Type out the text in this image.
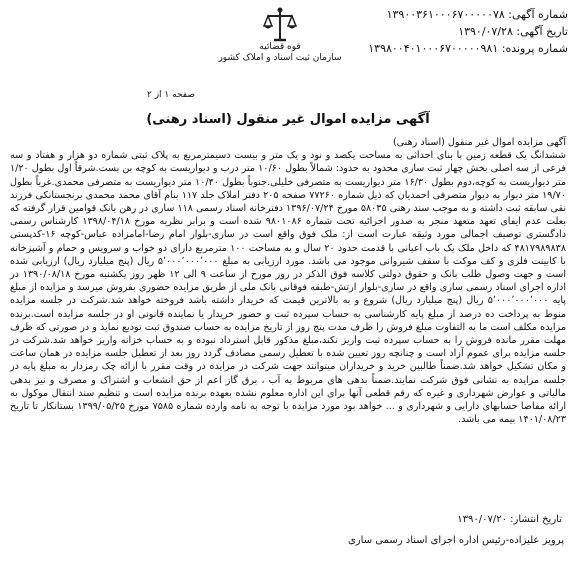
شماره آگهی: ۱۳۹۰۰۳۶۱۰۰۰۶۷۰۰۰۰۰۷۸
تاریخ آگهی: ۱۳۹۰/۰۷/۲۸
شماره پرونده: ۱۳۹۸۰۰۴۰۱۰۰۰۶۷۰۰۰۰۰۹۸۱
قوه قضائیه
سازمان ثبت اسناد و املاک کشور
صفحه ۱ از ۲
آگهی مزایده اموال غیر منقول (اسناد رهنی)

آگهی مزایده اموال غیر منقول (اسناد رهنی)

ششدانگ یک قطعه زمین با بنای احداثی به مساحت یکصد و نود و یک متر و بیست دسیمترمربع به پلاک ثبتی شماره دو هزار و هفتاد و سه فرعی از سه اصلی بخش چهار ثبت ساری محدود به حدود: شمالاً بطول ۱۰/۶۰ متر درب و دیواریست به کوچه بن بست.شرقاً اول بطول ۱/۲۰ متر دیواریست به کوچه،دوم بطول ۱۶/۳۰ متر دیواریست به متصرفی خلیلی.جنوباً بطول ۱۰/۴۰ متر دیواریست به متصرفی محمدی.غرباً بطول ۱۹/۷۰ متر دیوار به دیوار متصرفی احمدیان که ذیل شماره ۷۷۲۶۰ صفحه ۲۰۵ دفتر املاک جلد ۱۱۷ بنام آقای محمد محمدی برنجستانکی فرزند نقی سابقه ثبت داشته و به موجب سند رهنی ۵۸۰۳۵ مورخ ۱۳۹۶/۰۷/۲۴ دفترخانه اسناد رسمی ۱۱۸ ساری در رهن بانک قوامین قرار گرفته که بعلت عدم ایفای تعهد متعهد منجر به صدور اجرائیه تحت شماره ۹۸۰۱۰۸۶ شده است و برابر نظریه مورخ ۱۳۹۸/۰۴/۱۸ کارشناس رسمی دادگستری توصیف اجمالی مورد وثیقه عبارت است از: ملک فوق واقع است در ساری-بلوار امام رضا-امامزاده عباس-کوچه ۱۶-کدپستی ۴۸۱۷۹۸۹۸۳۸ که داخل ملک یک باب اعیانی با قدمت حدود ۲۰ سال و به مساحت ۱۰۰ مترمربع دارای دو خواب و سرویس و حمام و آشپزخانه با کابینت فلزی و کف موکت با سقف شیروانی موجود می باشد. مورد ارزیابی به مبلغ ۵٬۰۰۰٬۰۰۰٬۰۰۰ ریال (پنج میلیارد ریال) ارزیابی شده است و جهت وصول طلب بانک و حقوق دولتی کلاسه فوق الذکر در روز مورخ از ساعت ۹ الی ۱۲ ظهر روز یکشنبه مورخ ۱۳۹۰/۰۸/۱۸ در اداره اجرای اسناد رسمی ساری واقع در ساری-بلوار ارتش-طبقه فوقانی بانک ملی از طریق مزایده حضوری بفروش میرسد و مزایده از مبلغ پایه ۵٬۰۰۰٬۰۰۰٬۰۰۰ ریال (پنج میلیارد ریال) شروع و به بالاترین قیمت که خریدار داشته باشد فروخته خواهد شد.شرکت در جلسه مزایده منوط به پرداخت ده درصد از مبلغ پایه کارشناسی به حساب سپرده ثبت و حضور خریدار یا نماینده قانونی او در جلسه مزایده است.برنده مزایده مکلف است ما به التفاوت مبلغ فروش را ظرف مدت پنج روز از تاریخ مزایده به حساب صندوق ثبت تودیع نماید و در صورتی که ظرف مهلت مقرر مانده فروش را به حساب سپرده ثبت واریز نکند،مبلغ مذکور قابل استرداد نبوده و به حساب خزانه واریز خواهد شد.شرکت در جلسه مزایده برای عموم آزاد است و چنانچه روز تعیین شده با تعطیل رسمی مصادف گردد روز بعد از تعطیل جلسه مزایده در همان ساعت و مکان تشکیل خواهد شد.ضمناً طالبین خرید و خریداران میتوانند جهت شرکت در مزایده در وقت مقرر با ارائه چک رمزدار به مبلغ پایه در جلسه مزایده به نشانی فوق شرکت نمایند.ضمناً بدهی های مربوط به آب ، برق گاز اعم از حق انشعاب و اشتراک و مصرف و نیز بدهی مالیاتی و عوارض شهرداری و غیره که رقم قطعی آنها برای این اداره معلوم نشده بعهده برنده مزایده است و تنظیم سند انتقال موکول به ارائه مفاصا حسابهای دارایی و شهرداری و ... خواهد بود مورد مزایده با توجه به نامه وارده شماره ۷۵۸۵ مورخ ۱۳۹۹/۰۵/۲۵ بستانکار تا تاریخ ۱۴۰۱/۰۸/۲۳ بیمه می باشد.

تاریخ انتشار: ۱۳۹۰/۰۷/۲۰
پرویز علیزاده-رئیس اداره اجرای اسناد رسمی ساری
